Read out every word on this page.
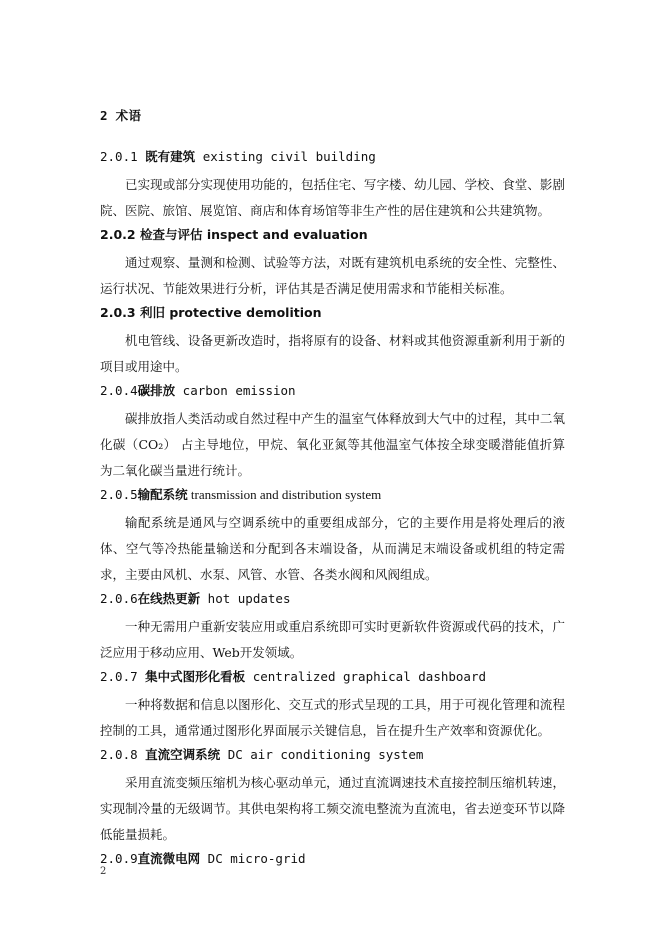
2 术语
2.0.1 既有建筑 existing civil building

已实现或部分实现使用功能的，包括住宅、写字楼、幼儿园、学校、食堂、影剧院、医院、旅馆、展览馆、商店和体育场馆等非生产性的居住建筑和公共建筑物。

2.0.2 检查与评估 inspect and evaluation

通过观察、量测和检测、试验等方法，对既有建筑机电系统的安全性、完整性、运行状况、节能效果进行分析，评估其是否满足使用需求和节能相关标准。

2.0.3 利旧 protective demolition

机电管线、设备更新改造时，指将原有的设备、材料或其他资源重新利用于新的项目或用途中。

2.0.4碳排放 carbon emission

碳排放指人类活动或自然过程中产生的温室气体释放到大气中的过程，其中二氧化碳（CO₂） 占主导地位，甲烷、氧化亚氮等其他温室气体按全球变暖潜能值折算为二氧化碳当量进行统计。

2.0.5输配系统 transmission and distribution system

输配系统是通风与空调系统中的重要组成部分，它的主要作用是将处理后的液体、空气等冷热能量输送和分配到各末端设备，从而满足末端设备或机组的特定需求，主要由风机、水泵、风管、水管、各类水阀和风阀组成。

2.0.6在线热更新 hot updates

一种无需用户重新安装应用或重启系统即可实时更新软件资源或代码的技术，广泛应用于移动应用、Web开发领域。

2.0.7 集中式图形化看板 centralized graphical dashboard

一种将数据和信息以图形化、交互式的形式呈现的工具，用于可视化管理和流程控制的工具，通常通过图形化界面展示关键信息，旨在提升生产效率和资源优化。

2.0.8 直流空调系统 DC air conditioning system

采用直流变频压缩机为核心驱动单元，通过直流调速技术直接控制压缩机转速，实现制冷量的无级调节。其供电架构将工频交流电整流为直流电，省去逆变环节以降低能量损耗。

2.0.9直流微电网 DC micro-grid
2
